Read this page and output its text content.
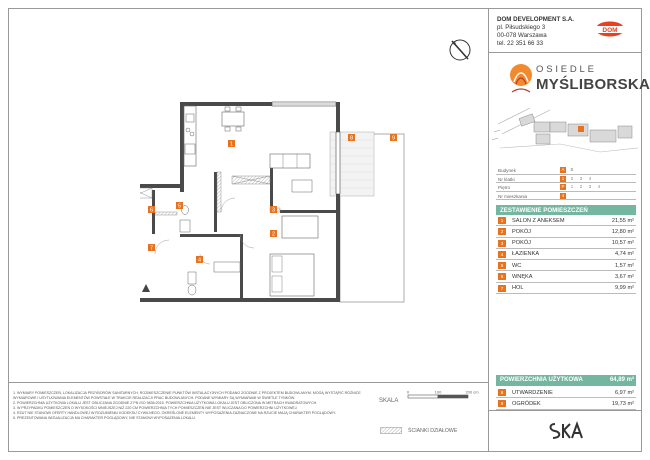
DOM DEVELOPMENT S.A.
pl. Piłsudskiego 3
00-078 Warszawa
tel. 22 351 66 33
DOM
OSIEDLE
MYŚLIBORSKA
Budynek	A	B
Nr klatki	1	2	3	4
Piętro	P	1	2	3	4
Nr mieszkania	4
ZESTAWIENIE POMIESZCZEŃ
1	SALON Z ANEKSEM	21,55 m²
2	POKÓJ	12,80 m²
3	POKÓJ	10,57 m²
4	ŁAZIENKA	4,74 m²
5	WC	1,57 m²
6	WNĘKA	3,67 m²
7	HOL	9,99 m²
POWIERZCHNIA UŻYTKOWA	64,89 m²
8	UTWARDZENIE	6,97 m²
9	OGRÓDEK	19,73 m²

1. WYMIARY POMIESZCZEŃ, LOKALIZACJA PRZYBORÓW SANITARNYCH, ROZMIESZCZENIE PUNKTÓW INSTALACYJNYCH PODANO ZGODNIE Z PROJEKTEM BUDOWLANYM. MOGĄ WYSTĄPIĆ RÓŻNICE WYMIAROWE I USYTUOWANIA ELEMENTÓW POWSTAŁE W TRAKCIE REALIZACJI PRAC BUDOWLANYCH. PODANE WYMIARY SĄ WYMIARAMI W ŚWIETLE TYNKÓW.

2. POWIERZCHNIA UŻYTKOWA LOKALU JEST OBLICZANA ZGODNIE Z PN ISO 9836:2015. POWIERZCHNIA UŻYTKOWA LOKALU JEST OBLICZONA W METRACH KWADRATOWYCH.

3. W PRZYPADKU POMIESZCZEŃ O WYSOKOŚCI MNIEJSZEJ NIŻ 220 CM POWIERZCHNIA TYCH POMIESZCZEŃ NIE JEST WLICZANA DO POWIERZCHNI UŻYTKOWEJ.

4. RZUT NIE STANOWI OFERTY HANDLOWEJ W ROZUMIENIU KODEKSU CYWILNEGO. OKREŚLONE ELEMENTY WYPOSAŻENIA ZAZNACZONE NA RZUCIE MAJĄ CHARAKTER POGLĄDOWY.

5. PREZENTOWANA WIZUALIZACJA MA CHARAKTER POGLĄDOWY, NIE STANOWI WYPOSAŻENIA LOKALU.

0	100	200 cm
SKALA
ŚCIANKI DZIAŁOWE
1
2
3
4
5
6
7
8	9
